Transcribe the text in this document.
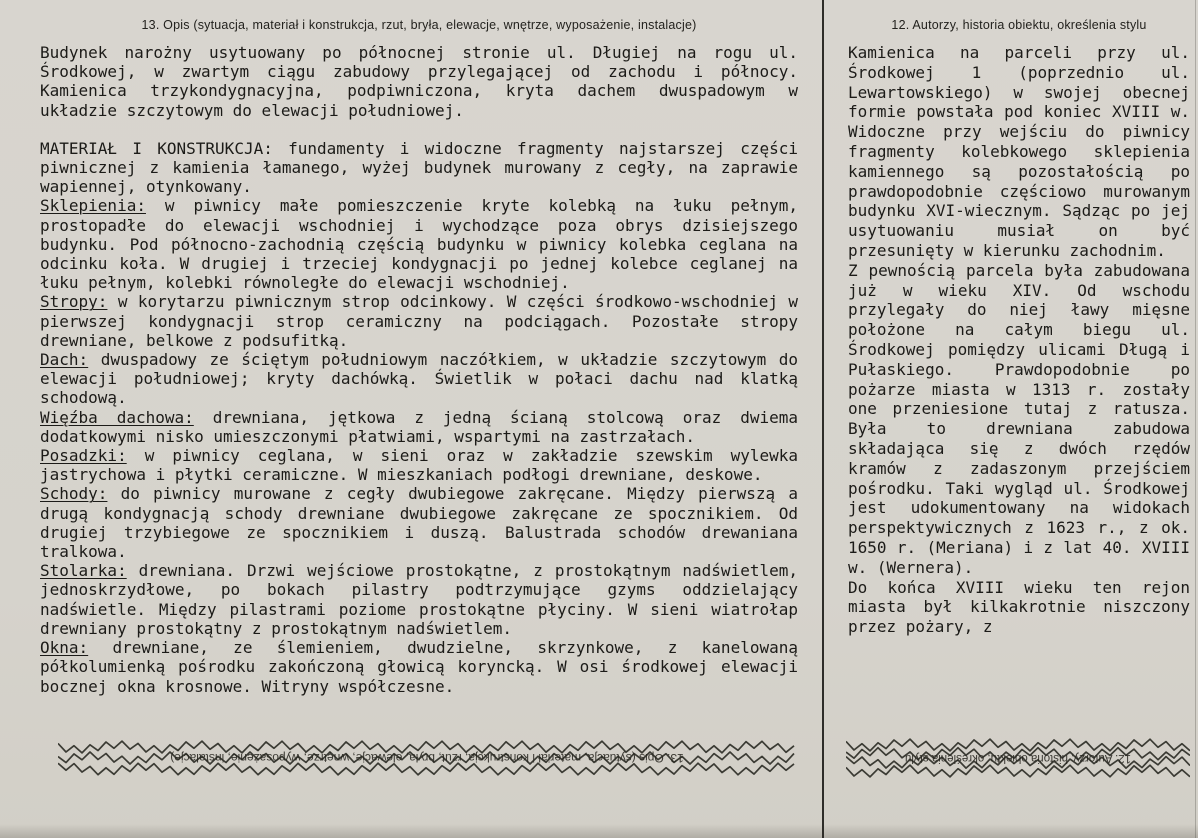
13. Opis (sytuacja, materiał i konstrukcja, rzut, bryła, elewacje, wnętrze, wyposażenie, instalacje)

Budynek narożny usytuowany po północnej stronie ul. Długiej na rogu ul. Środkowej, w zwartym ciągu zabudowy przylegającej od zachodu i północy. Kamienica trzykondygnacyjna, podpiwniczona, kryta dachem dwuspadowym w układzie szczytowym do elewacji południowej.

MATERIAŁ I KONSTRUKCJA: fundamenty i widoczne fragmenty najstarszej części piwnicznej z kamienia łamanego, wyżej budynek murowany z cegły, na zaprawie wapiennej, otynkowany.

Sklepienia: w piwnicy małe pomieszczenie kryte kolebką na łuku pełnym, prostopadłe do elewacji wschodniej i wychodzące poza obrys dzisiejszego budynku. Pod północno-zachodnią częścią budynku w piwnicy kolebka ceglana na odcinku koła. W drugiej i trzeciej kondygnacji po jednej kolebce ceglanej na łuku pełnym, kolebki równoległe do elewacji wschodniej.

Stropy: w korytarzu piwnicznym strop odcinkowy. W części środkowo-wschodniej w pierwszej kondygnacji strop ceramiczny na podciągach. Pozostałe stropy drewniane, belkowe z podsufitką.

Dach: dwuspadowy ze ściętym południowym naczółkiem, w układzie szczytowym do elewacji południowej; kryty dachówką. Świetlik w połaci dachu nad klatką schodową.

Więźba dachowa: drewniana, jętkowa z jedną ścianą stolcową oraz dwiema dodatkowymi nisko umieszczonymi płatwiami, wspartymi na zastrzałach.

Posadzki: w piwnicy ceglana, w sieni oraz w zakładzie szewskim wylewka jastrychowa i płytki ceramiczne. W mieszkaniach podłogi drewniane, deskowe.

Schody: do piwnicy murowane z cegły dwubiegowe zakręcane. Między pierwszą a drugą kondygnacją schody drewniane dwubiegowe zakręcane ze spocznikiem. Od drugiej trzybiegowe ze spocznikiem i duszą. Balustrada schodów drewaniana tralkowa.

Stolarka: drewniana. Drzwi wejściowe prostokątne, z prostokątnym nadświetlem, jednoskrzydłowe, po bokach pilastry podtrzymujące gzyms oddzielający nadświetle. Między pilastrami poziome prostokątne płyciny. W sieni wiatrołap drewniany prostokątny z prostokątnym nadświetlem.

Okna: drewniane, ze ślemieniem, dwudzielne, skrzynkowe, z kanelowaną półkolumienką pośrodku zakończoną głowicą koryncką. W osi środkowej elewacji bocznej okna krosnowe. Witryny współczesne.

12. Autorzy, historia obiektu, określenia stylu

Kamienica na parceli przy ul. Środkowej 1 (poprzednio ul. Lewartowskiego) w swojej obecnej formie powstała pod koniec XVIII w. Widoczne przy wejściu do piwnicy fragmenty kolebkowego sklepienia kamiennego są pozostałością po prawdopodobnie częściowo murowanym budynku XVI-wiecznym. Sądząc po jej usytuowaniu musiał on być przesunięty w kierunku zachodnim.

Z pewnością parcela była zabudowana już w wieku XIV. Od wschodu przylegały do niej ławy mięsne położone na całym biegu ul. Środkowej pomiędzy ulicami Długą i Pułaskiego. Prawdopodobnie po pożarze miasta w 1313 r. zostały one przeniesione tutaj z ratusza. Była to drewniana zabudowa składająca się z dwóch rzędów kramów z zadaszonym przejściem pośrodku. Taki wygląd ul. Środkowej jest udokumentowany na widokach perspektywicznych z 1623 r., z ok. 1650 r. (Meriana) i z lat 40. XVIII w. (Wernera).

Do końca XVIII wieku ten rejon miasta był kilkakrotnie niszczony przez pożary, z

13. Opis (sytuacja, materiał i konstrukcja, rzut, bryła, elewacje, wnętrze, wyposażenie, instalacje)	12. Autorzy, historia obiektu, określenia stylu
